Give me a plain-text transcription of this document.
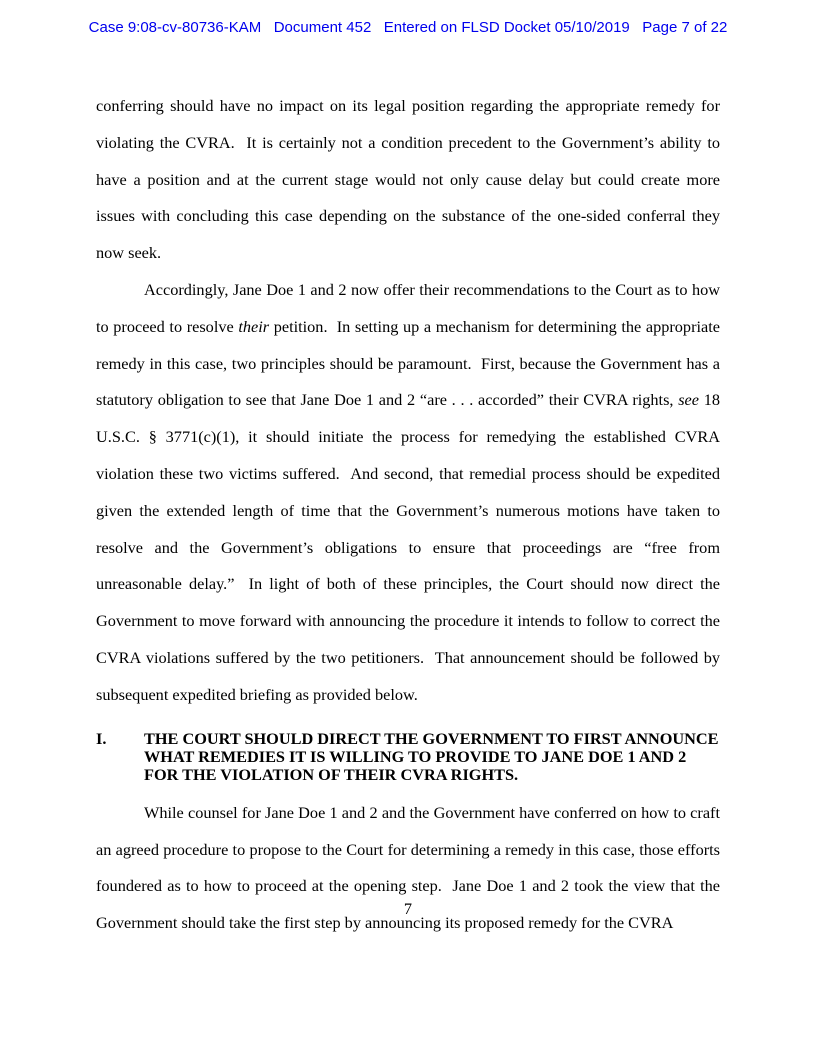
Case 9:08-cv-80736-KAM   Document 452   Entered on FLSD Docket 05/10/2019   Page 7 of 22

conferring should have no impact on its legal position regarding the appropriate remedy for violating the CVRA.  It is certainly not a condition precedent to the Government’s ability to have a position and at the current stage would not only cause delay but could create more issues with concluding this case depending on the substance of the one-sided conferral they now seek.

Accordingly, Jane Doe 1 and 2 now offer their recommendations to the Court as to how to proceed to resolve their petition.  In setting up a mechanism for determining the appropriate remedy in this case, two principles should be paramount.  First, because the Government has a statutory obligation to see that Jane Doe 1 and 2 “are . . . accorded” their CVRA rights, see 18 U.S.C. § 3771(c)(1), it should initiate the process for remedying the established CVRA violation these two victims suffered.  And second, that remedial process should be expedited given the extended length of time that the Government’s numerous motions have taken to resolve and the Government’s obligations to ensure that proceedings are “free from unreasonable delay.”  In light of both of these principles, the Court should now direct the Government to move forward with announcing the procedure it intends to follow to correct the CVRA violations suffered by the two petitioners.  That announcement should be followed by subsequent expedited briefing as provided below.

I. THE COURT SHOULD DIRECT THE GOVERNMENT TO FIRST ANNOUNCE WHAT REMEDIES IT IS WILLING TO PROVIDE TO JANE DOE 1 AND 2 FOR THE VIOLATION OF THEIR CVRA RIGHTS.

While counsel for Jane Doe 1 and 2 and the Government have conferred on how to craft an agreed procedure to propose to the Court for determining a remedy in this case, those efforts foundered as to how to proceed at the opening step.  Jane Doe 1 and 2 took the view that the Government should take the first step by announcing its proposed remedy for the CVRA

7
